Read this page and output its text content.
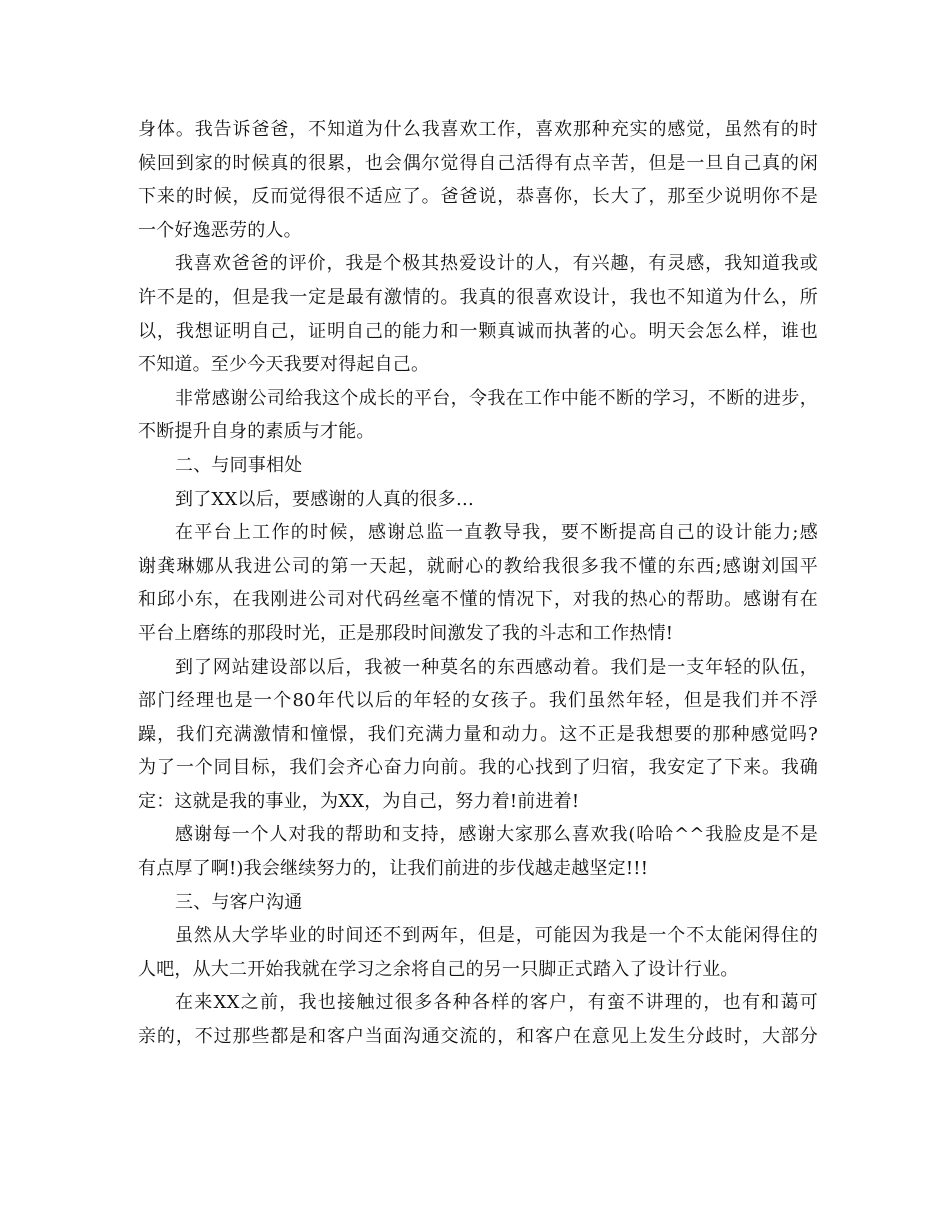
身体。我告诉爸爸，不知道为什么我喜欢工作，喜欢那种充实的感觉，虽然有的时
候回到家的时候真的很累，也会偶尔觉得自己活得有点辛苦，但是一旦自己真的闲
下来的时候，反而觉得很不适应了。爸爸说，恭喜你，长大了，那至少说明你不是
一个好逸恶劳的人。
我喜欢爸爸的评价，我是个极其热爱设计的人，有兴趣，有灵感，我知道我或
许不是的，但是我一定是最有激情的。我真的很喜欢设计，我也不知道为什么，所
以，我想证明自己，证明自己的能力和一颗真诚而执著的心。明天会怎么样，谁也
不知道。至少今天我要对得起自己。
非常感谢公司给我这个成长的平台，令我在工作中能不断的学习，不断的进步，
不断提升自身的素质与才能。
二、与同事相处
到了XX以后，要感谢的人真的很多…
在平台上工作的时候，感谢总监一直教导我，要不断提高自己的设计能力;感
谢龚琳娜从我进公司的第一天起，就耐心的教给我很多我不懂的东西;感谢刘国平
和邱小东，在我刚进公司对代码丝毫不懂的情况下，对我的热心的帮助。感谢有在
平台上磨练的那段时光，正是那段时间激发了我的斗志和工作热情!
到了网站建设部以后，我被一种莫名的东西感动着。我们是一支年轻的队伍，
部门经理也是一个80年代以后的年轻的女孩子。我们虽然年轻，但是我们并不浮
躁，我们充满激情和憧憬，我们充满力量和动力。这不正是我想要的那种感觉吗?
为了一个同目标，我们会齐心奋力向前。我的心找到了归宿，我安定了下来。我确
定：这就是我的事业，为XX，为自己，努力着!前进着!
感谢每一个人对我的帮助和支持，感谢大家那么喜欢我(哈哈^^我脸皮是不是
有点厚了啊!)我会继续努力的，让我们前进的步伐越走越坚定!!!
三、与客户沟通
虽然从大学毕业的时间还不到两年，但是，可能因为我是一个不太能闲得住的
人吧，从大二开始我就在学习之余将自己的另一只脚正式踏入了设计行业。
在来XX之前，我也接触过很多各种各样的客户，有蛮不讲理的，也有和蔼可
亲的，不过那些都是和客户当面沟通交流的，和客户在意见上发生分歧时，大部分
